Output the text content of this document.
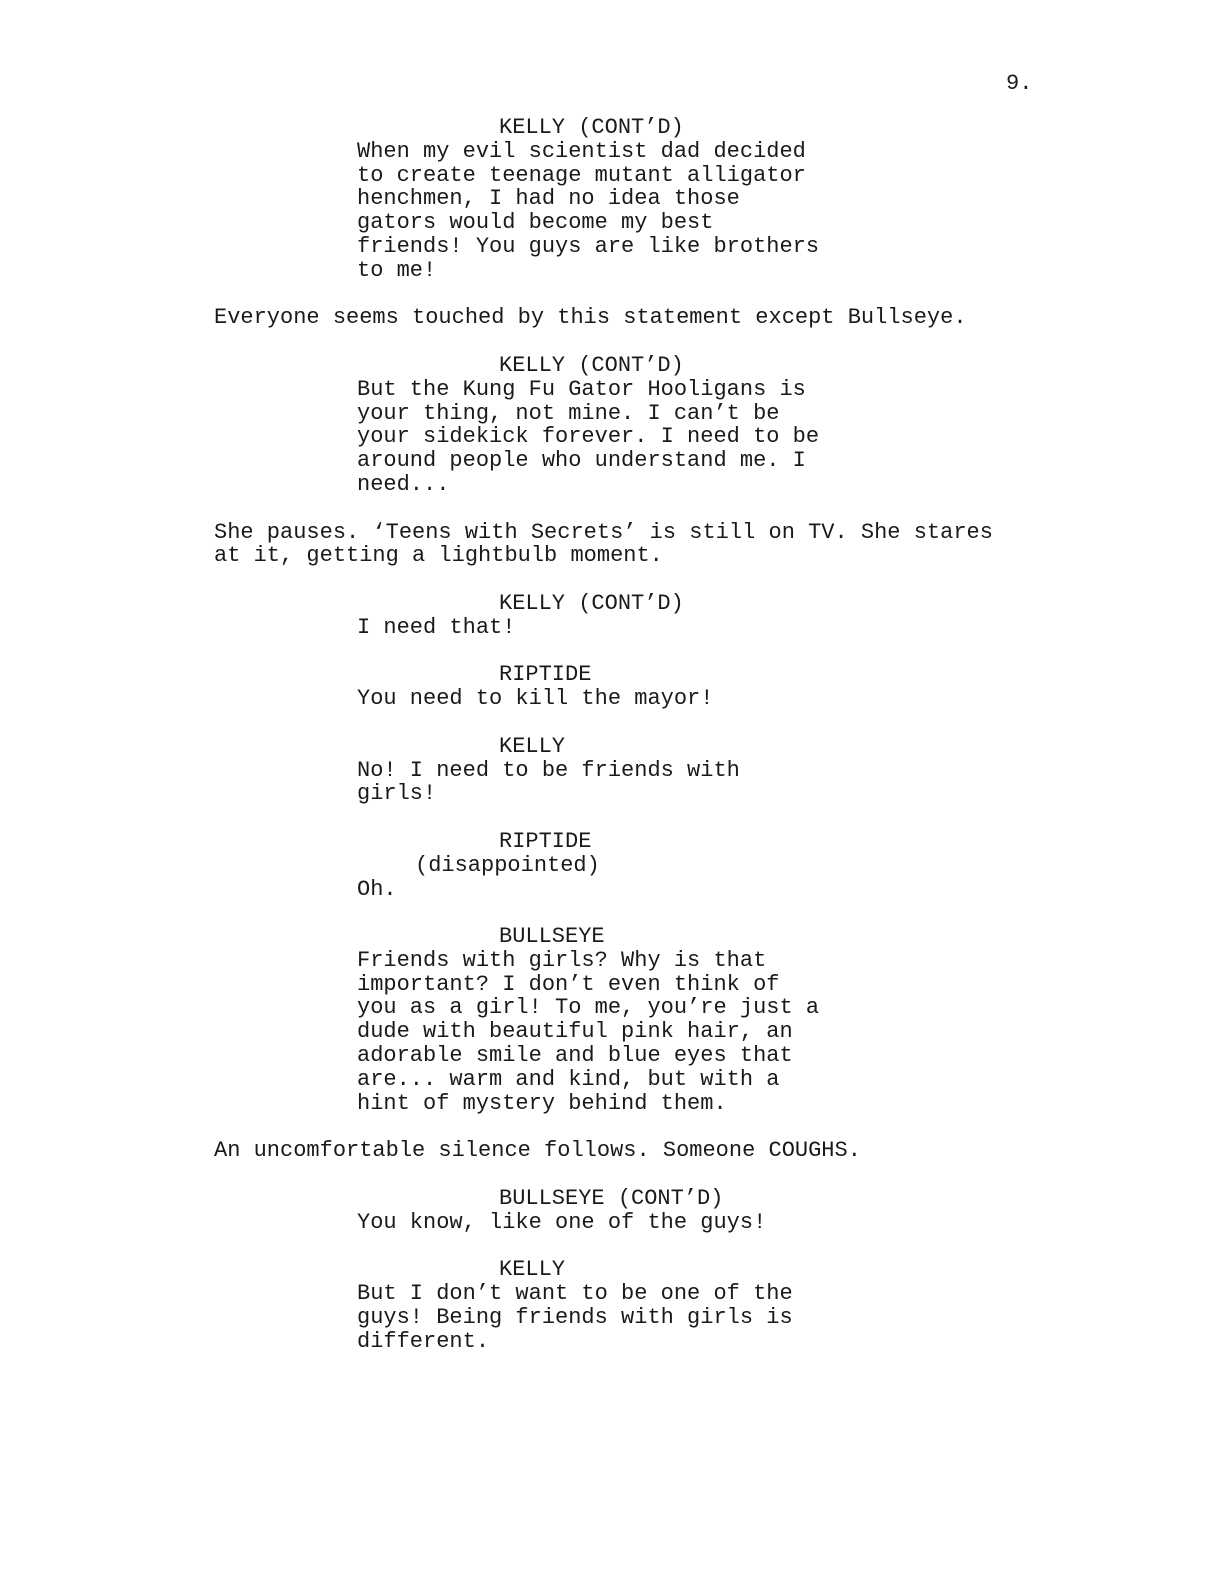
9.
KELLY (CONT’D)
When my evil scientist dad decided
to create teenage mutant alligator
henchmen, I had no idea those
gators would become my best
friends! You guys are like brothers
to me!
Everyone seems touched by this statement except Bullseye.
KELLY (CONT’D)
But the Kung Fu Gator Hooligans is
your thing, not mine. I can’t be
your sidekick forever. I need to be
around people who understand me. I
need...
She pauses. ‘Teens with Secrets’ is still on TV. She stares
at it, getting a lightbulb moment.
KELLY (CONT’D)
I need that!
RIPTIDE
You need to kill the mayor!
KELLY
No! I need to be friends with
girls!
RIPTIDE
(disappointed)
Oh.
BULLSEYE
Friends with girls? Why is that
important? I don’t even think of
you as a girl! To me, you’re just a
dude with beautiful pink hair, an
adorable smile and blue eyes that
are... warm and kind, but with a
hint of mystery behind them.
An uncomfortable silence follows. Someone COUGHS.
BULLSEYE (CONT’D)
You know, like one of the guys!
KELLY
But I don’t want to be one of the
guys! Being friends with girls is
different.
